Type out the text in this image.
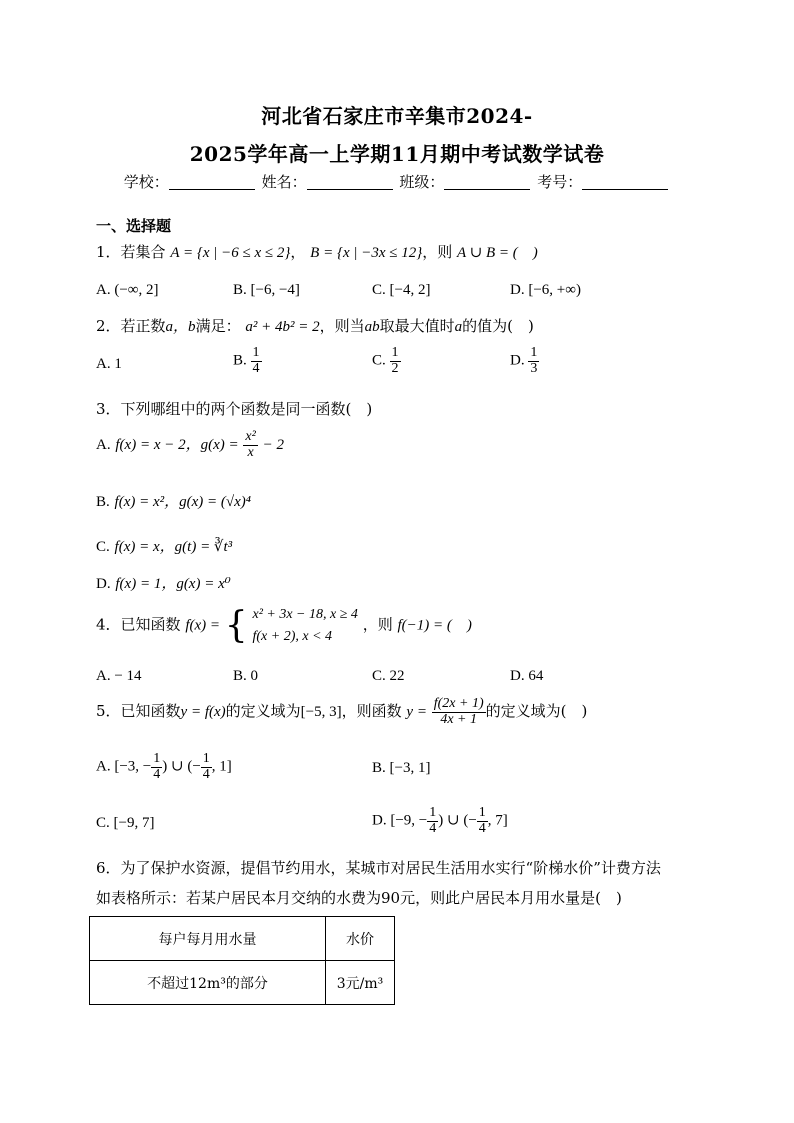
河北省石家庄市辛集市2024-
2025学年高一上学期11月期中考试数学试卷
学校：	姓名：	班级：	考号：
一、选择题
1．若集合 A = {x | −6 ≤ x ≤ 2}， B = {x | −3x ≤ 12}，则 A ∪ B = (　)
A. (−∞, 2]	B. [−6, −4]	C. [−4, 2]	D. [−6, +∞)
2．若正数a，b满足： a² + 4b² = 2，则当ab取最大值时a的值为(　)
A. 1	B. $\frac{1}{4}$	C. $\frac{1}{2}$	D. $\frac{1}{3}$
3．下列哪组中的两个函数是同一函数(　)
A. f(x) = x − 2，$g(x) = \frac{\text{x²}}{x} - 2$
B. f(x) = x²，g(x) = (√x)⁴
C. f(x) = x，g(t) = ∛t³
D. f(x) = 1，g(x) = x⁰
4．已知函数 f(x) = { x² + 3x − 18, x ≥ 4
f(x + 2), x < 4
，则 f(−1) = (　)
A. − 14	B. 0	C. 22	D. 64
5．已知函数y = f(x)的定义域为[−5, 3]，则函数 $y = \frac{f(2x + 1)}{4x + 1}$ 的定义域为(　)
A. [−3, − $\frac{1}{4}$ ) ∪ (− $\frac{1}{4}$ , 1]	B. [−3, 1]
C. [−9, 7]	D. [−9, − $\frac{1}{4}$ ) ∪ (− $\frac{1}{4}$ , 7]
6．为了保护水资源，提倡节约用水，某城市对居民生活用水实行“阶梯水价”计费方法
如表格所示：若某户居民本月交纳的水费为90元，则此户居民本月用水量是(　)
每户每月用水量	水价
不超过12m³的部分	3元/m³
